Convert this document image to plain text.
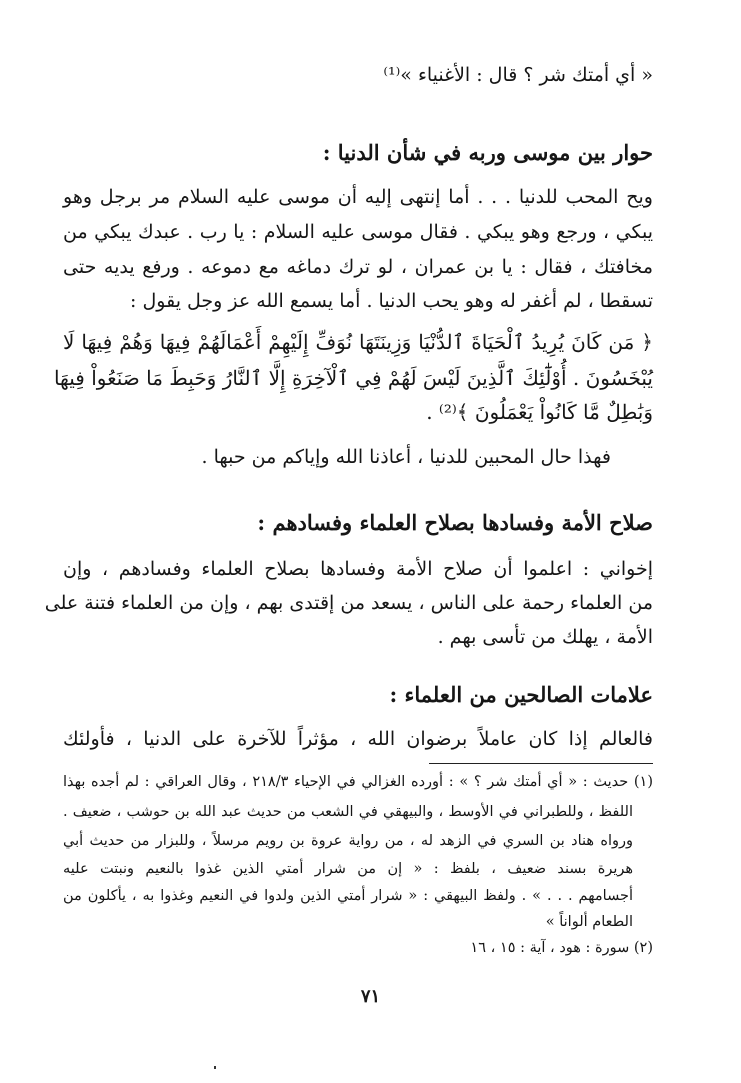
« أي أمتك شر ؟ قال : الأغنياء »⁽¹⁾
حوار بين موسى وربه في شأن الدنيا :
ويح المحب للدنيا . . . أما إنتهى إليه أن موسى عليه السلام مر برجل وهو
يبكي ، ورجع وهو يبكي . فقال موسى عليه السلام : يا رب . عبدك يبكي من
مخافتك ، فقال : يا بن عمران ، لو ترك دماغه مع دموعه . ورفع يديه حتى
تسقطا ، لم أغفر له وهو يحب الدنيا . أما يسمع الله عز وجل يقول :
﴿ مَن كَانَ يُرِيدُ ٱلْحَيَاةَ ٱلدُّنْيَا وَزِينَتَهَا نُوَفِّ إِلَيْهِمْ أَعْمَالَهُمْ فِيهَا وَهُمْ فِيهَا لَا
يُبْخَسُونَ . أُوْلَٰٓئِكَ ٱلَّذِينَ لَيْسَ لَهُمْ فِي ٱلْآخِرَةِ إِلَّا ٱلنَّارُ وَحَبِطَ مَا صَنَعُواْ فِيهَا
وَبَٰطِلٌ مَّا كَانُواْ يَعْمَلُونَ ﴾⁽²⁾ .
فهذا حال المحبين للدنيا ، أعاذنا الله وإياكم من حبها .
صلاح الأمة وفسادها بصلاح العلماء وفسادهم :
إخواني : اعلموا أن صلاح الأمة وفسادها بصلاح العلماء وفسادهم ، وإن
من العلماء رحمة على الناس ، يسعد من إقتدى بهم ، وإن من العلماء فتنة على
الأمة ، يهلك من تأسى بهم .
علامات الصالحين من العلماء :
فالعالم إذا كان عاملاً برضوان الله ، مؤثراً للآخرة على الدنيا ، فأولئك
(١) حديث : « أي أمتك شر ؟ » : أورده الغزالي في الإحياء ٢١٨/٣ ، وقال العراقي : لم أجده بهذا
اللفظ ، وللطبراني في الأوسط ، والبيهقي في الشعب من حديث عبد الله بن حوشب ، ضعيف .
ورواه هناد بن السري في الزهد له ، من رواية عروة بن رويم مرسلاً ، وللبزار من حديث أبي
هريرة بسند ضعيف ، بلفظ : « إن من شرار أمتي الذين غذوا بالنعيم ونبتت عليه
أجسامهم . . . » . ولفظ البيهقي : « شرار أمتي الذين ولدوا في النعيم وغذوا به ، يأكلون من
الطعام ألواناً »
(٢) سورة : هود ، آية : ١٥ ، ١٦
٧١
